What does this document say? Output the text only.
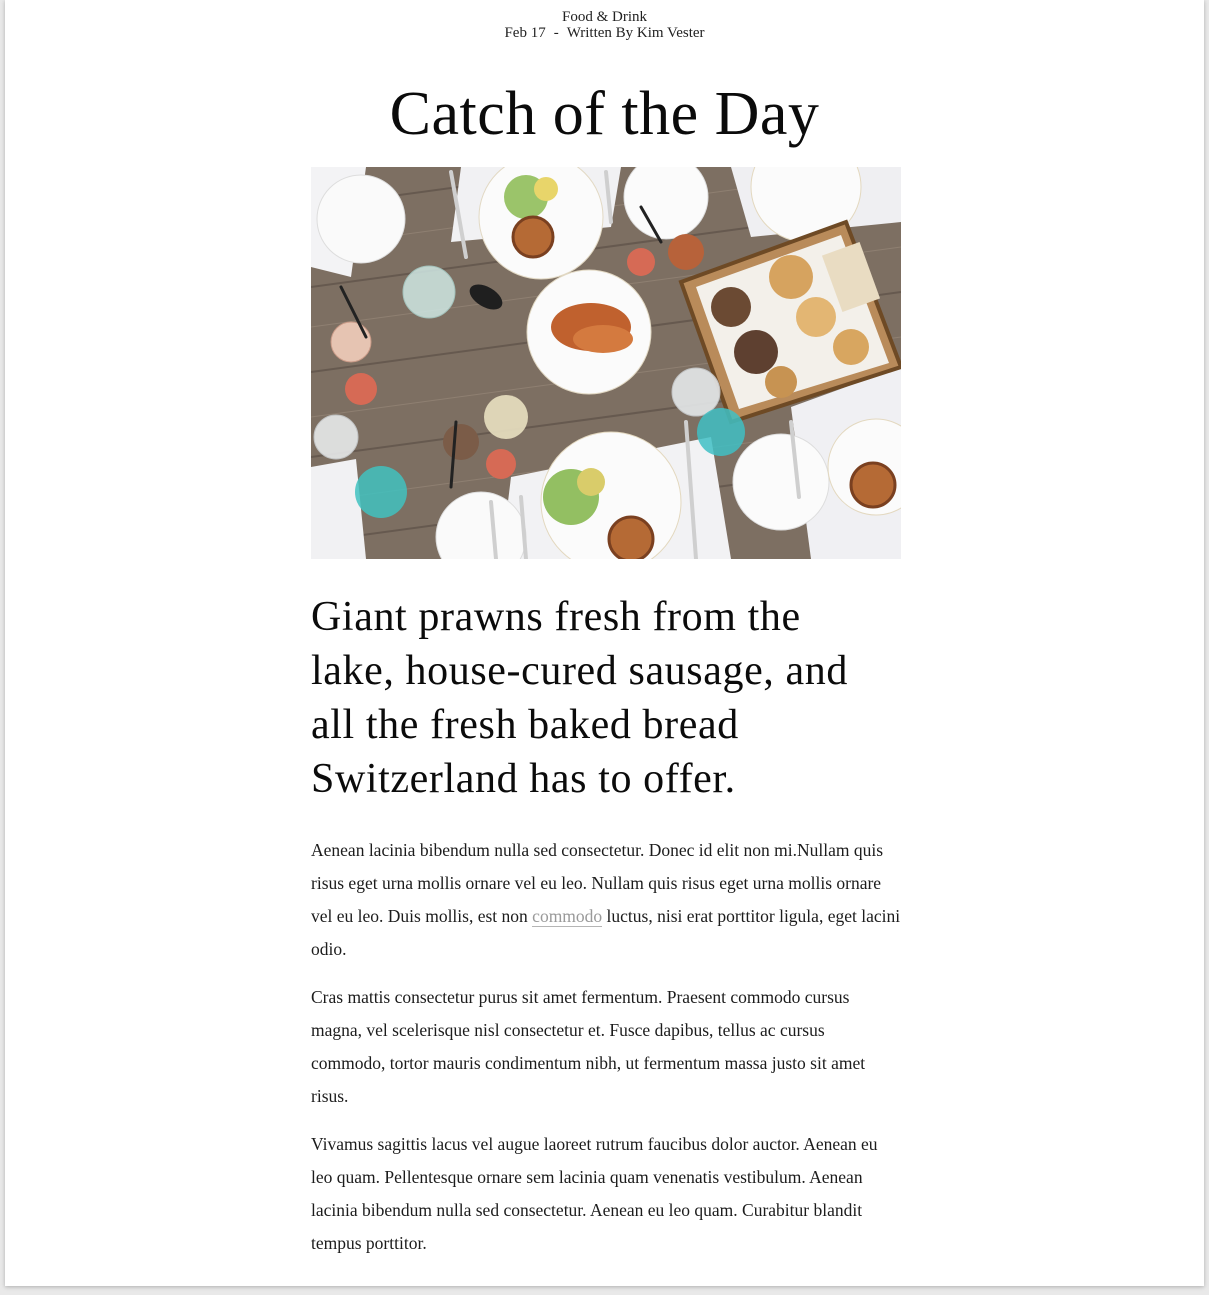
Food & Drink
Feb 17 - Written By Kim Vester
Catch of the Day
Giant prawns fresh from the lake, house-cured sausage, and all the fresh baked bread Switzerland has to offer.

Aenean lacinia bibendum nulla sed consectetur. Donec id elit non mi.Nullam quis risus eget urna mollis ornare vel eu leo. Nullam quis risus eget urna mollis ornare vel eu leo. Duis mollis, est non commodo luctus, nisi erat porttitor ligula, eget lacini odio.

Cras mattis consectetur purus sit amet fermentum. Praesent commodo cursus magna, vel scelerisque nisl consectetur et. Fusce dapibus, tellus ac cursus commodo, tortor mauris condimentum nibh, ut fermentum massa justo sit amet risus.

Vivamus sagittis lacus vel augue laoreet rutrum faucibus dolor auctor. Aenean eu leo quam. Pellentesque ornare sem lacinia quam venenatis vestibulum. Aenean lacinia bibendum nulla sed consectetur. Aenean eu leo quam. Curabitur blandit tempus porttitor.
